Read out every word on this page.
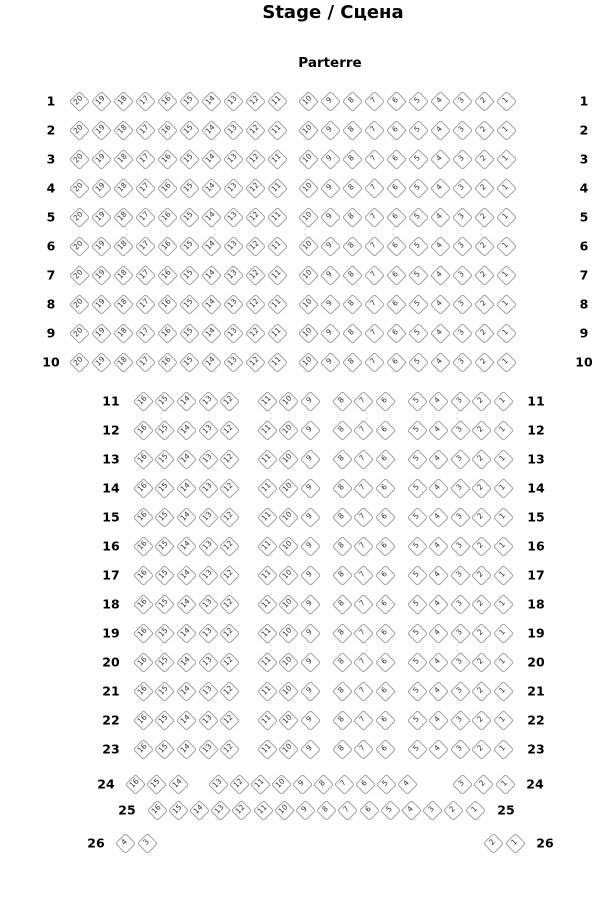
Stage / Сцена
Parterre
1	1
20	19	18	17	16	15	14	13	12	11	10	9	8	7	6	5	4	3	2	1
2	2
20	19	18	17	16	15	14	13	12	11	10	9	8	7	6	5	4	3	2	1
3	3
20	19	18	17	16	15	14	13	12	11	10	9	8	7	6	5	4	3	2	1
4	4
20	19	18	17	16	15	14	13	12	11	10	9	8	7	6	5	4	3	2	1
5	5
20	19	18	17	16	15	14	13	12	11	10	9	8	7	6	5	4	3	2	1
6	6
20	19	18	17	16	15	14	13	12	11	10	9	8	7	6	5	4	3	2	1
7	7
20	19	18	17	16	15	14	13	12	11	10	9	8	7	6	5	4	3	2	1
8	8
20	19	18	17	16	15	14	13	12	11	10	9	8	7	6	5	4	3	2	1
9	9
20	19	18	17	16	15	14	13	12	11	10	9	8	7	6	5	4	3	2	1
10	10
20	19	18	17	16	15	14	13	12	11	10	9	8	7	6	5	4	3	2	1
11	11
16	15	14	13	12	11	10	9	8	7	6	5	4	3	2	1
12	12
16	15	14	13	12	11	10	9	8	7	6	5	4	3	2	1
13	13
16	15	14	13	12	11	10	9	8	7	6	5	4	3	2	1
14	14
16	15	14	13	12	11	10	9	8	7	6	5	4	3	2	1
15	15
16	15	14	13	12	11	10	9	8	7	6	5	4	3	2	1
16	16
16	15	14	13	12	11	10	9	8	7	6	5	4	3	2	1
17	17
16	15	14	13	12	11	10	9	8	7	6	5	4	3	2	1
18	18
16	15	14	13	12	11	10	9	8	7	6	5	4	3	2	1
19	19
16	15	14	13	12	11	10	9	8	7	6	5	4	3	2	1
20	20
16	15	14	13	12	11	10	9	8	7	6	5	4	3	2	1
21	21
16	15	14	13	12	11	10	9	8	7	6	5	4	3	2	1
22	22
16	15	14	13	12	11	10	9	8	7	6	5	4	3	2	1
23	23
16	15	14	13	12	11	10	9	8	7	6	5	4	3	2	1
24	24
16	15	14	13	12	11	10	9	8	7	6	5	4	3	2	1
25	25
16	15	14	13	12	11	10	9	8	7	6	5	4	3	2	1
26	26
4	3	2	1
